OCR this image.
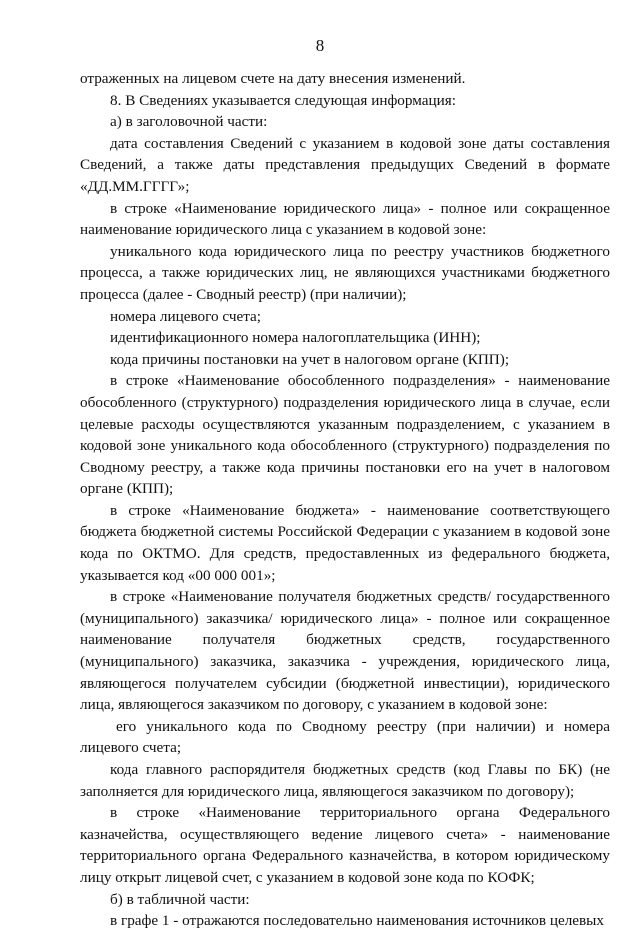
8

отраженных на лицевом счете на дату внесения изменений.

8. В Сведениях указывается следующая информация:

а) в заголовочной части:

дата составления Сведений с указанием в кодовой зоне даты составления Сведений, а также даты представления предыдущих Сведений в формате «ДД.ММ.ГГГГ»;

в строке «Наименование юридического лица» - полное или сокращенное наименование юридического лица с указанием в кодовой зоне:

уникального кода юридического лица по реестру участников бюджетного процесса, а также юридических лиц, не являющихся участниками бюджетного процесса (далее - Сводный реестр) (при наличии);

номера лицевого счета;

идентификационного номера налогоплательщика (ИНН);

кода причины постановки на учет в налоговом органе (КПП);

в строке «Наименование обособленного подразделения» - наименование обособленного (структурного) подразделения юридического лица в случае, если целевые расходы осуществляются указанным подразделением, с указанием в кодовой зоне уникального кода обособленного (структурного) подразделения по Сводному реестру, а также кода причины постановки его на учет в налоговом органе (КПП);

в строке «Наименование бюджета» - наименование соответствующего бюджета бюджетной системы Российской Федерации с указанием в кодовой зоне кода по ОКТМО. Для средств, предоставленных из федерального бюджета, указывается код «00 000 001»;

в строке «Наименование получателя бюджетных средств/ государственного (муниципального) заказчика/ юридического лица» - полное или сокращенное наименование получателя бюджетных средств, государственного (муниципального) заказчика, заказчика - учреждения, юридического лица, являющегося получателем субсидии (бюджетной инвестиции), юридического лица, являющегося заказчиком по договору, с указанием в кодовой зоне:

его уникального кода по Сводному реестру (при наличии) и номера лицевого счета;

кода главного распорядителя бюджетных средств (код Главы по БК) (не заполняется для юридического лица, являющегося заказчиком по договору);

в строке «Наименование территориального органа Федерального казначейства, осуществляющего ведение лицевого счета» - наименование территориального органа Федерального казначейства, в котором юридическому лицу открыт лицевой счет, с указанием в кодовой зоне кода по КОФК;

б) в табличной части:

в графе 1 - отражаются последовательно наименования источников целевых
